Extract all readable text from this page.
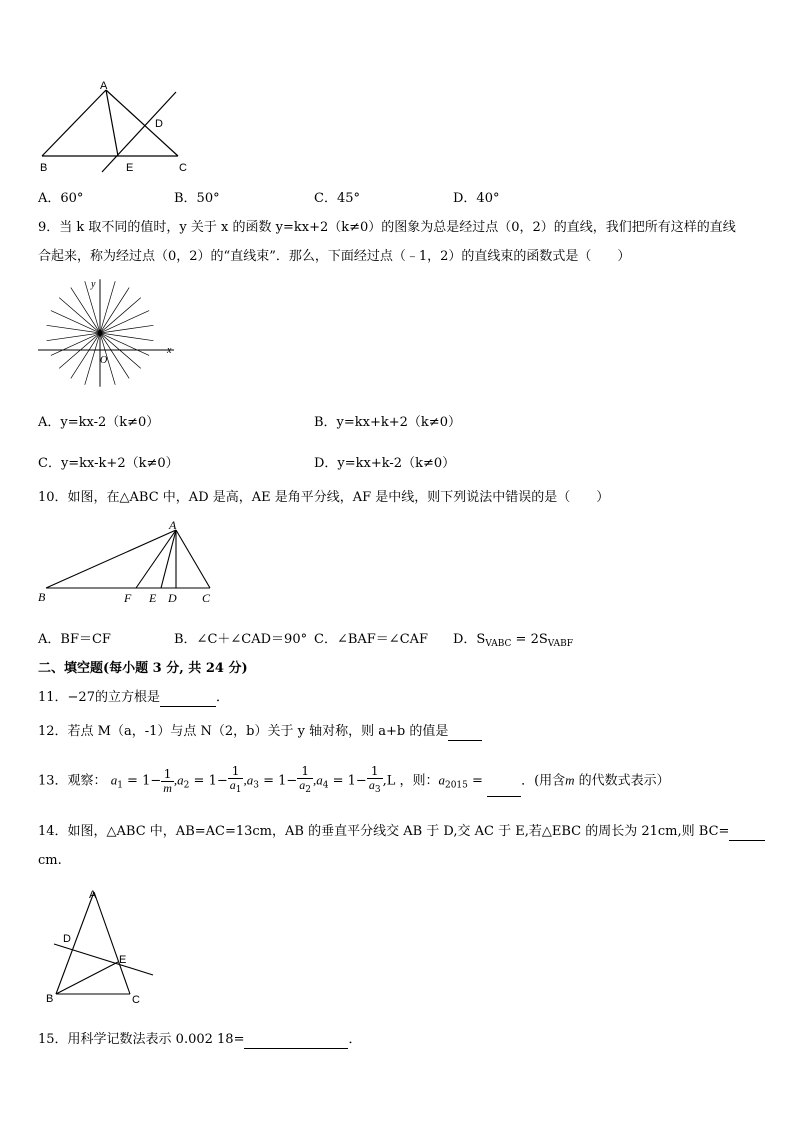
A
B	E	C
D
A．60°	B．50°	C．45°	D．40°
9．当 k 取不同的值时，y 关于 x 的函数 y=kx+2（k≠0）的图象为总是经过点（0，2）的直线，我们把所有这样的直线
合起来，称为经过点（0，2）的“直线束”．那么，下面经过点（﹣1，2）的直线束的函数式是（　　）
y
x
O
A．y=kx-2（k≠0）	B．y=kx+k+2（k≠0）
C．y=kx-k+2（k≠0）	D．y=kx+k-2（k≠0）
10．如图，在△ABC 中，AD 是高，AE 是角平分线，AF 是中线，则下列说法中错误的是（　　）
A
B	F E D C
A．BF＝CF	B．∠C＋∠CAD＝90° C．∠BAF＝∠CAF D．$S_{VABC} = 2S_{VABF}$
二、填空题(每小题 3 分, 共 24 分)
11．−27的立方根是	．
12．若点 M（a，-1）与点 N（2，b）关于 y 轴对称，则 a+b 的值是
13．观察： $a_1 = 1- \frac{1}{m} ,a_2 = 1- \frac{1}{a_1} ,a_3 = 1- \frac{1}{a_2} ,a_4 = 1- \frac{1}{a_3} ,L$ ，则：$a_{2015}$ =	．(用含m 的代数式表示）
14．如图，△ABC 中，AB=AC=13cm，AB 的垂直平分线交 AB 于 D,交 AC 于 E,若△EBC 的周长为 21cm,则 BC=
cm.
A
D
E
B	C
15．用科学记数法表示 0.002 18=	．
